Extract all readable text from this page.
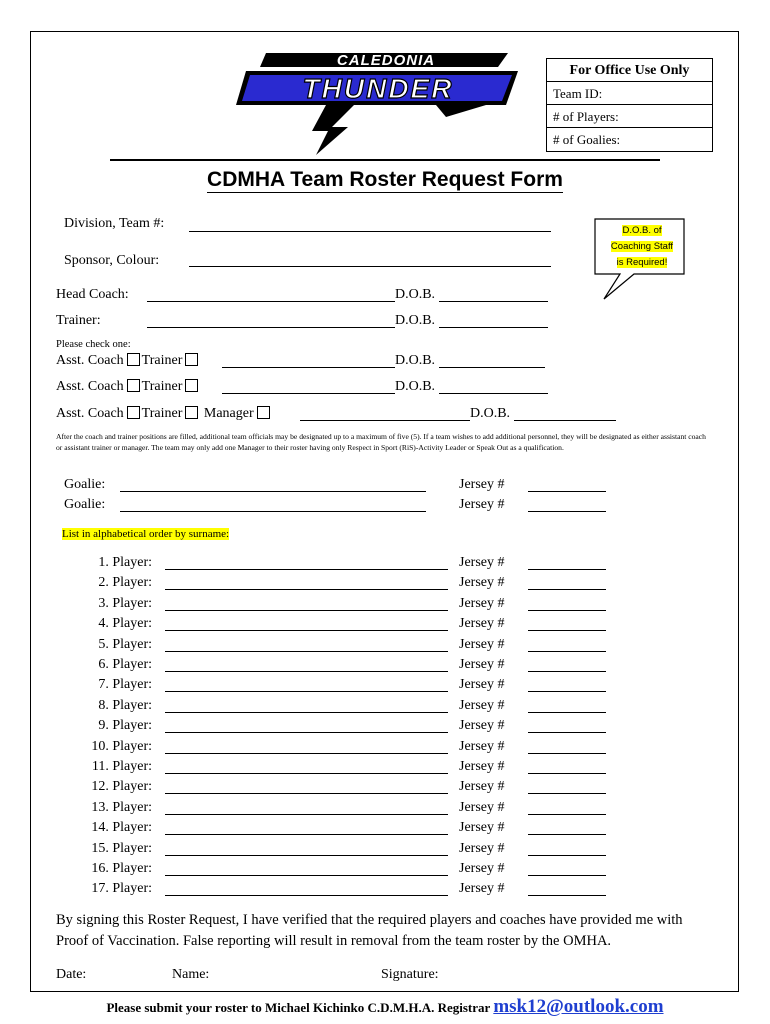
CALEDONIA
THUNDER
For Office Use Only
Team ID:
# of Players:
# of Goalies:
CDMHA Team Roster Request Form
D.O.B. of
Coaching Staff
is Required!
Division, Team #:
Sponsor, Colour:
Head Coach:	D.O.B.
Trainer:	D.O.B.
Please check one:
Asst. Coach Trainer	D.O.B.
Asst. Coach Trainer	D.O.B.
Asst. Coach Trainer Manager	D.O.B.
After the coach and trainer positions are filled, additional team officials may be designated up to a maximum of five (5). If a team wishes to add additional personnel, they will be designated as either assistant coach or assistant trainer or manager. The team may only add one Manager to their roster having only Respect in Sport (RiS)-Activity Leader or Speak Out as a qualification.
Goalie:	Jersey #
Goalie:	Jersey #
List in alphabetical order by surname:
1. Player:	Jersey #
2. Player:	Jersey #
3. Player:	Jersey #
4. Player:	Jersey #
5. Player:	Jersey #
6. Player:	Jersey #
7. Player:	Jersey #
8. Player:	Jersey #
9. Player:	Jersey #
10. Player:	Jersey #
11. Player:	Jersey #
12. Player:	Jersey #
13. Player:	Jersey #
14. Player:	Jersey #
15. Player:	Jersey #
16. Player:	Jersey #
17. Player:	Jersey #
By signing this Roster Request, I have verified that the required players and coaches have provided me with Proof of Vaccination. False reporting will result in removal from the team roster by the OMHA.
Date:	Name:	Signature:
Please submit your roster to Michael Kichinko C.D.M.H.A. Registrar msk12@outlook.com
